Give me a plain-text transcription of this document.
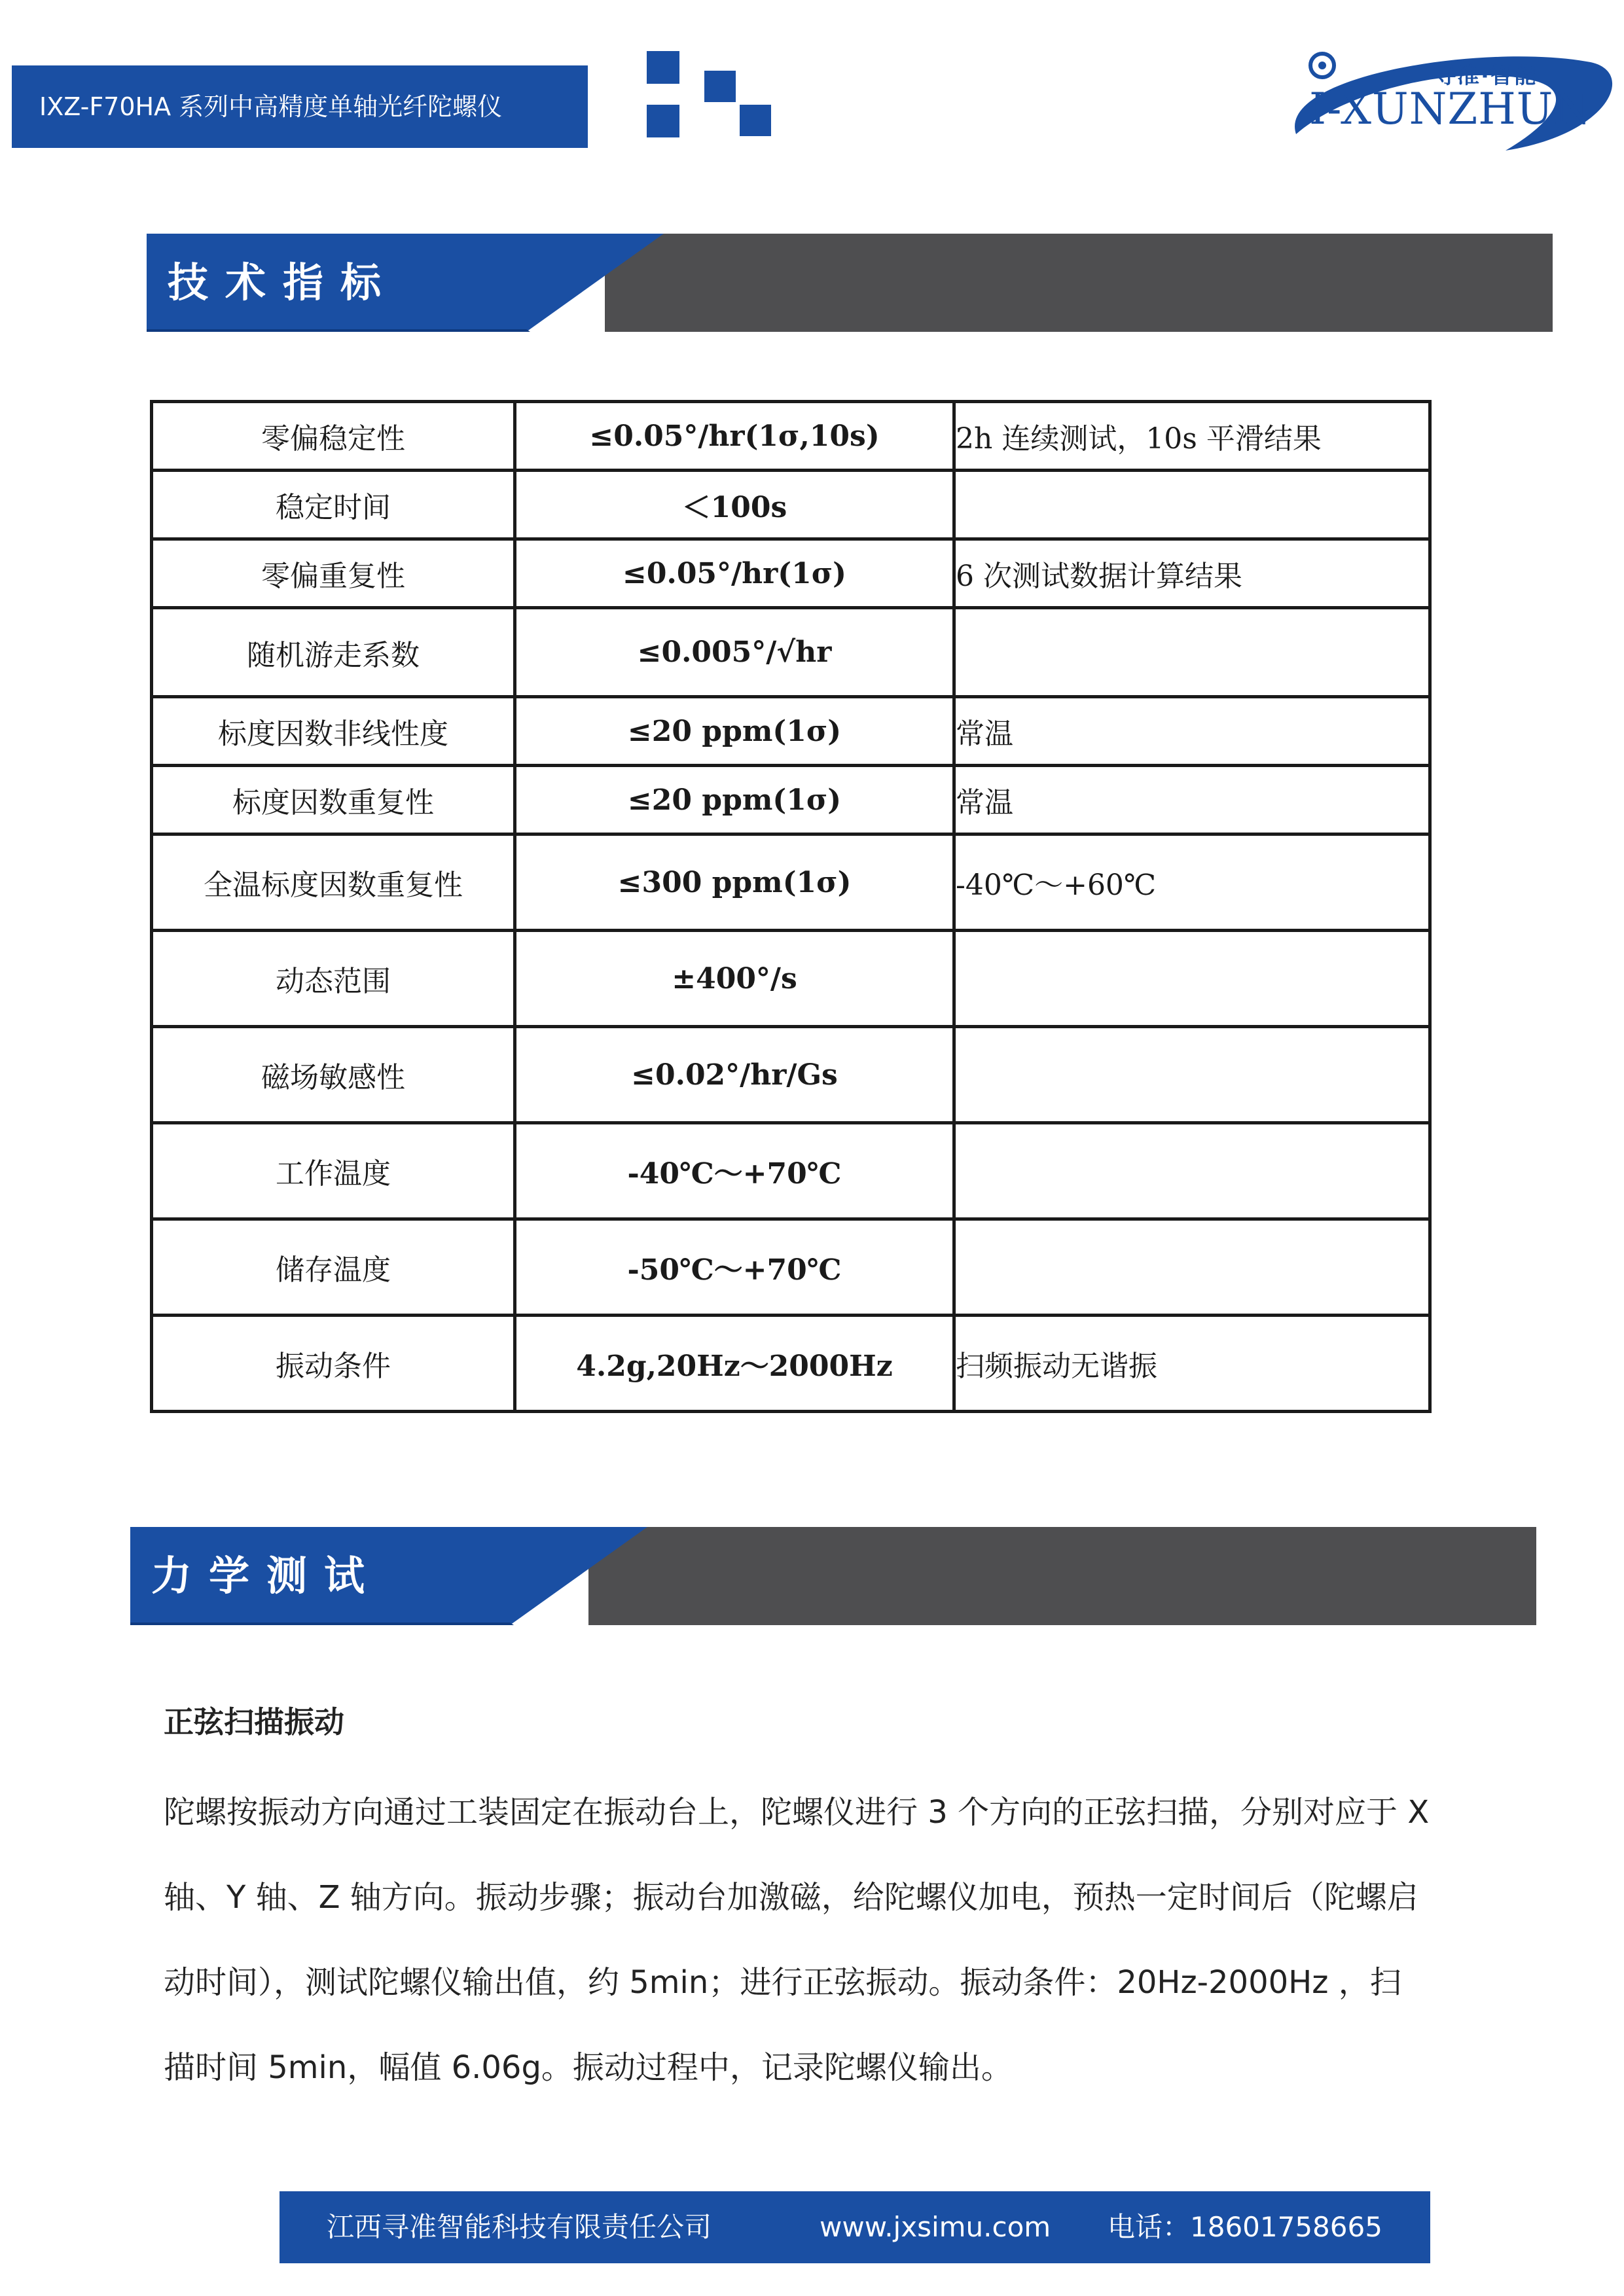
IXZ-F70HA 系列中高精度单轴光纤陀螺仪
寻准·智能
I-XUNZHUN
技术指标
零偏稳定性	≤0.05°/hr(1σ,10s)	2h 连续测试，10s 平滑结果
稳定时间	＜100s	
零偏重复性	≤0.05°/hr(1σ)	6 次测试数据计算结果
随机游走系数	≤0.005°/√hr	
标度因数非线性度	≤20 ppm(1σ)	常温
标度因数重复性	≤20 ppm(1σ)	常温
全温标度因数重复性	≤300 ppm(1σ)	-40℃～+60℃
动态范围	±400°/s	
磁场敏感性	≤0.02°/hr/Gs	
工作温度	-40℃～+70℃	
储存温度	-50℃～+70℃	
振动条件	4.2g,20Hz～2000Hz	扫频振动无谐振
力学测试
正弦扫描振动
陀螺按振动方向通过工装固定在振动台上，陀螺仪进行 3 个方向的正弦扫描，分别对应于 X
轴、Y 轴、Z 轴方向。振动步骤；振动台加激磁，给陀螺仪加电，预热一定时间后（陀螺启
动时间），测试陀螺仪输出值，约 5min；进行正弦振动。振动条件：20Hz-2000Hz ，扫
描时间 5min，幅值 6.06g。振动过程中，记录陀螺仪输出。
江西寻准智能科技有限责任公司	www.jxsimu.com 电话：18601758665
